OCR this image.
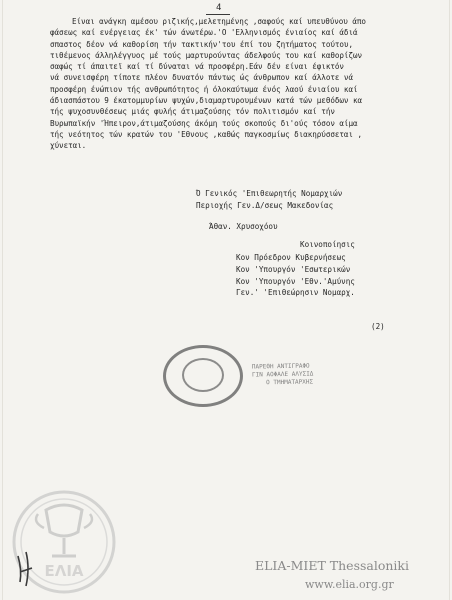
4
Είναι ανάγκη αμέσου ριζικής,μελετημένης ,σαφούς καί υπευθύνου άπο
φάσεως καί ενέργειας έκ' τών άνωτέρω.'Ο 'Ελληνισμός ένιαίος καί άδιά
σπαστος δέον νά καθορίση τήν τακτικήν'του έπί του ζητήματος τούτου,
τιθέμενος άλληλέγγυος μέ τούς μαρτυρούντας άδελφούς του καί καθορίζων
σαφώς τί άπαιτεϊ καί τί δύναται νά προσφέρη.Εάν δέν είναι έφικτόν
νά συνεισφέρη τίποτε πλέον δυνατόν πάντως ώς άνθρωπον καί άλλοτε νά
προσφέρη ένώπιον τής ανθρωπότητος ή όλοκαύτωμα ένός λαού ένιαίου καί
άδιασπάστου 9 έκατομμυρίων ψυχών,διαμαρτυρουμένων κατά τών μεθόδων κα
τής ψυχοσυνθέσεως μιάς φυλής άτιμαζούσης τόν πολιτισμόν καί τήν
Βυρωπαϊκήν 'Ήπειρον,άτιμαζούσης άκόμη τούς σκοπούς δι'ούς τόσον αίμα
τής νεότητος τών κρατών του 'Εθνους ,καθώς παγκοσμίως διακηρύσσεται ,
χύνεται.
Ό Γενικός 'Επιθεωρητής Νομαρχιών
Περιοχής Γεν.Δ/σεως Μακεδονίας
Άθαν. Χρυσοχόου
Κοινοποίησις
Κον Πρόεδρον Κυβερνήσεως
Κον 'Υπουργόν 'Εσωτερικών
Κον 'Υπουργόν 'Εθν.'Αμύνης
Γεν.' 'Επιθεώρησιν Νομαρχ.
(2)
ΠΑΡΕΘΗ ΑΝΤΙΓΡΑΦΟ
ΓΙΝ ΑΟΦΑΛΕ ΑΛΥΣΙΔ
Ο ΤΜΗΜΑΤΑΡΧΗΣ
ΕΛΙΑ	ELIA-MIET Thessaloniki
www.elia.org.gr
